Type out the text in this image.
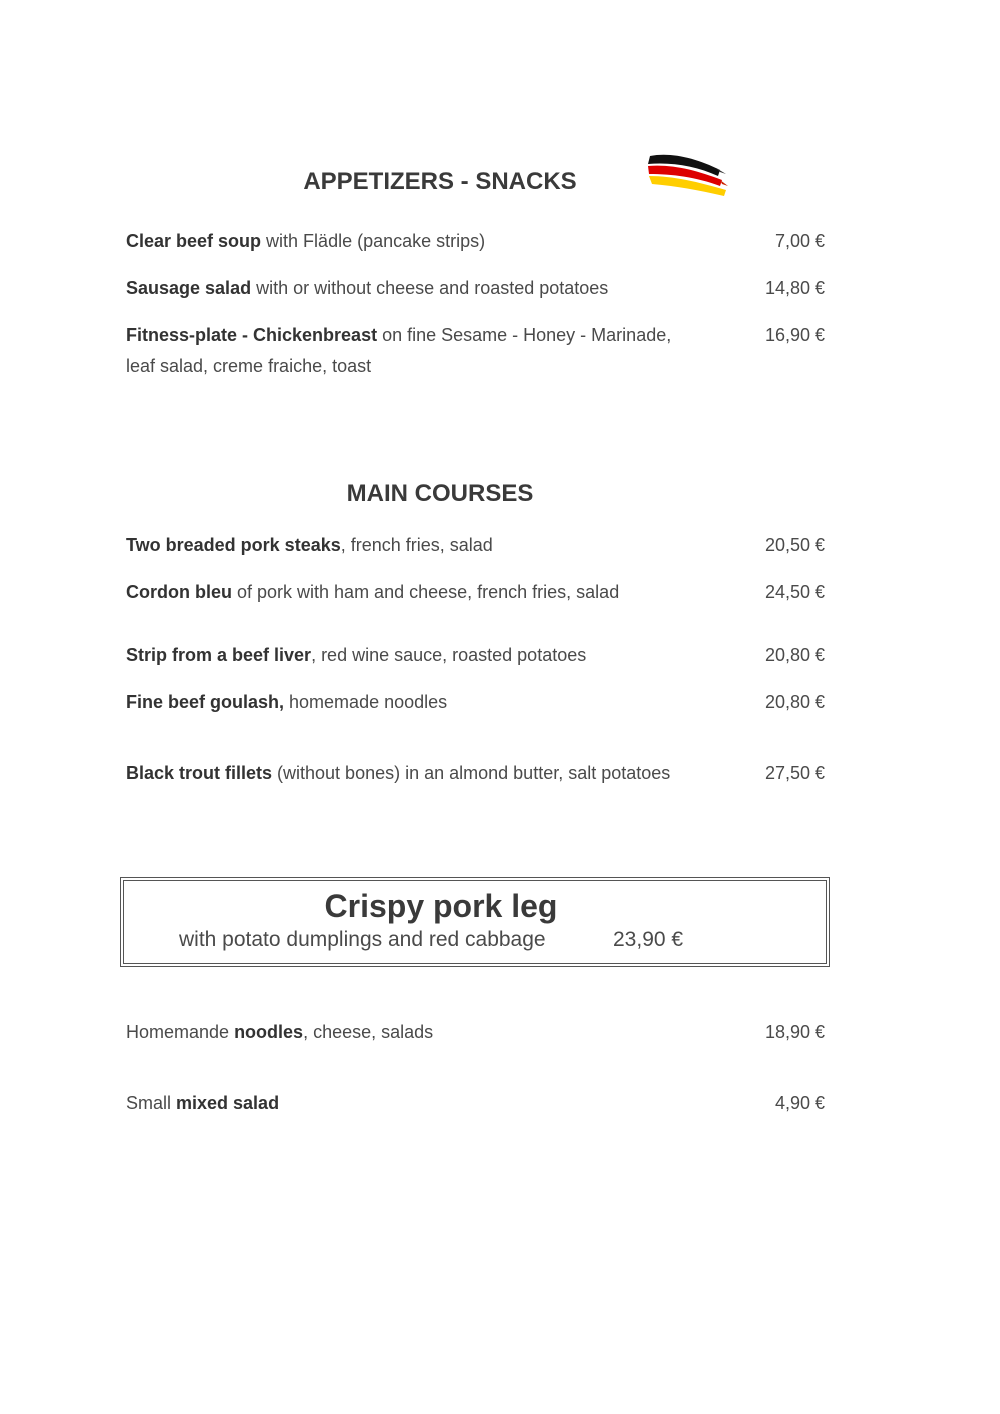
APPETIZERS - SNACKS
Clear beef soup with Flädle (pancake strips)	7,00 €
Sausage salad with or without cheese and roasted potatoes	14,80 €
Fitness-plate - Chickenbreast on fine Sesame - Honey - Marinade, leaf salad, creme fraiche, toast
16,90 €
MAIN COURSES
Two breaded pork steaks, french fries, salad	20,50 €
Cordon bleu of pork with ham and cheese, french fries, salad	24,50 €
Strip from a beef liver, red wine sauce, roasted potatoes	20,80 €
Fine beef goulash, homemade noodles	20,80 €
Black trout fillets (without bones) in an almond butter, salt potatoes	27,50 €
Crispy pork leg
with potato dumplings and red cabbage	23,90 €
Homemande noodles, cheese, salads	18,90 €
Small mixed salad	4,90 €
